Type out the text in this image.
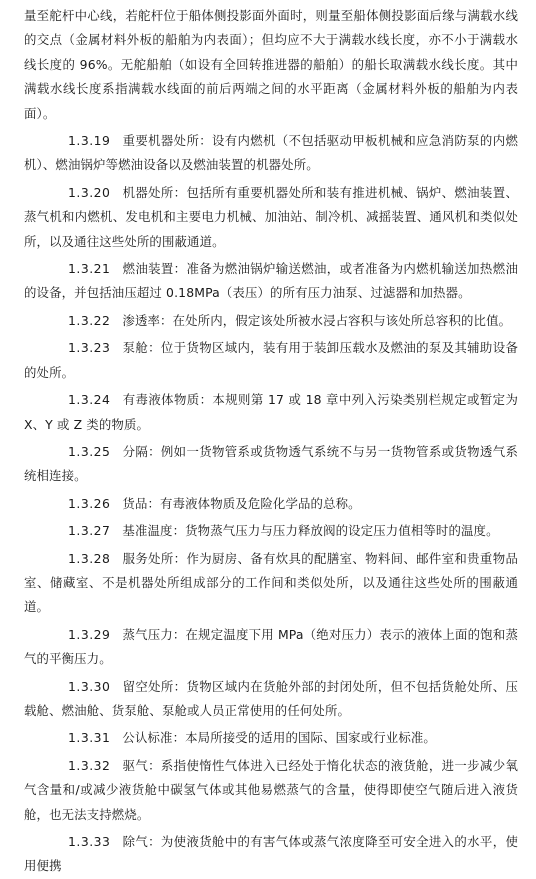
量至舵杆中心线，若舵杆位于船体侧投影面外面时，则量至船体侧投影面后缘与满载水线的交点（金属材料外板的船舶为内表面）；但均应不大于满载水线长度，亦不小于满载水线长度的 96%。无舵船舶（如设有全回转推进器的船舶）的船长取满载水线长度。其中满载水线长度系指满载水线面的前后两端之间的水平距离（金属材料外板的船舶为内表面）。

1.3.19 重要机器处所：设有内燃机（不包括驱动甲板机械和应急消防泵的内燃机）、燃油锅炉等燃油设备以及燃油装置的机器处所。

1.3.20 机器处所：包括所有重要机器处所和装有推进机械、锅炉、燃油装置、蒸气机和内燃机、发电机和主要电力机械、加油站、制冷机、减摇装置、通风机和类似处所，以及通往这些处所的围蔽通道。

1.3.21 燃油装置：准备为燃油锅炉输送燃油，或者准备为内燃机输送加热燃油的设备，并包括油压超过 0.18MPa（表压）的所有压力油泵、过滤器和加热器。

1.3.22 渗透率：在处所内，假定该处所被水浸占容积与该处所总容积的比值。

1.3.23 泵舱：位于货物区域内，装有用于装卸压载水及燃油的泵及其辅助设备的处所。

1.3.24 有毒液体物质：本规则第 17 或 18 章中列入污染类别栏规定或暂定为 X、Y 或 Z 类的物质。

1.3.25 分隔：例如一货物管系或货物透气系统不与另一货物管系或货物透气系统相连接。

1.3.26 货品：有毒液体物质及危险化学品的总称。

1.3.27 基准温度：货物蒸气压力与压力释放阀的设定压力值相等时的温度。

1.3.28 服务处所：作为厨房、备有炊具的配膳室、物料间、邮件室和贵重物品室、储藏室、不是机器处所组成部分的工作间和类似处所，以及通往这些处所的围蔽通道。

1.3.29 蒸气压力：在规定温度下用 MPa（绝对压力）表示的液体上面的饱和蒸气的平衡压力。

1.3.30 留空处所：货物区域内在货舱外部的封闭处所，但不包括货舱处所、压载舱、燃油舱、货泵舱、泵舱或人员正常使用的任何处所。

1.3.31 公认标准：本局所接受的适用的国际、国家或行业标准。

1.3.32 驱气：系指使惰性气体进入已经处于惰化状态的液货舱，进一步减少氧气含量和/或减少液货舱中碳氢气体或其他易燃蒸气的含量，使得即使空气随后进入液货舱，也无法支持燃烧。

1.3.33 除气：为使液货舱中的有害气体或蒸气浓度降至可安全进入的水平，使用便携
